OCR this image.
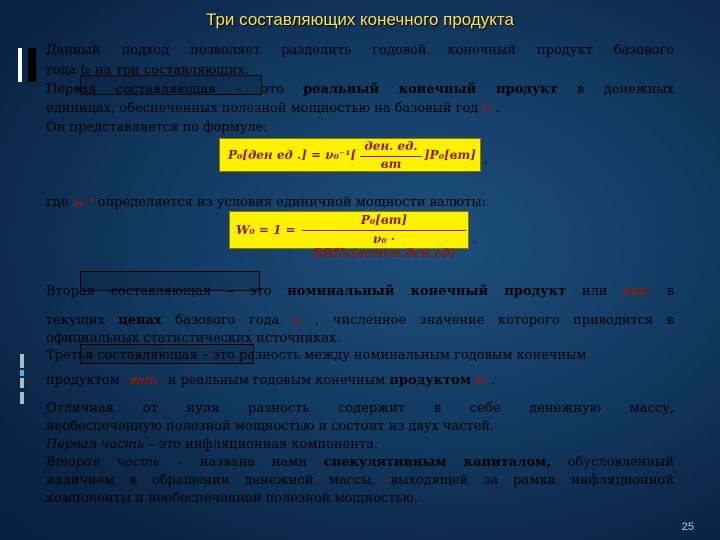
Три составляющих конечного продукта
Данный подход позволяет разделить годовой конечный продукт базового
года t₀ на три составляющих.
Первая составляющая – это реальный конечный продукт в денежных
единицах, обеспеченных полезной мощностью на базовый год t₀ .
Он представляется по формуле:
P₀[ден ед .] = ν₀⁻¹[
ден. ед.
вт
]P₀[вт] ,
где ν₀⁻¹ определяется из условия единичной мощности валюты:
W₀ = 1 =
P₀[вт]
ν₀ · ВВП₀(номин.ден.ед)
.
Вторая составляющая – это номинальный конечный продукт или ВВП₀ в
текущих ценах базового года t₀ , численное значение которого приводится в
официальных статистических источниках.
Третья составляющая – это разность между номинальным годовым конечным
продуктом ВВП₀ и реальным годовым конечным продуктом P₀ .
Отличная от нуля разность содержит в себе денежную массу,
необеспеченную полезной мощностью и состоит из двух частей.
Первая часть – это инфляционная компонента.
Вторая часть – названа нами спекулятивным капиталом, обусловленный
наличием в обращении денежной массы, выходящей за рамки инфляционной
компоненты и необеспеченной полезной мощностью.
25
